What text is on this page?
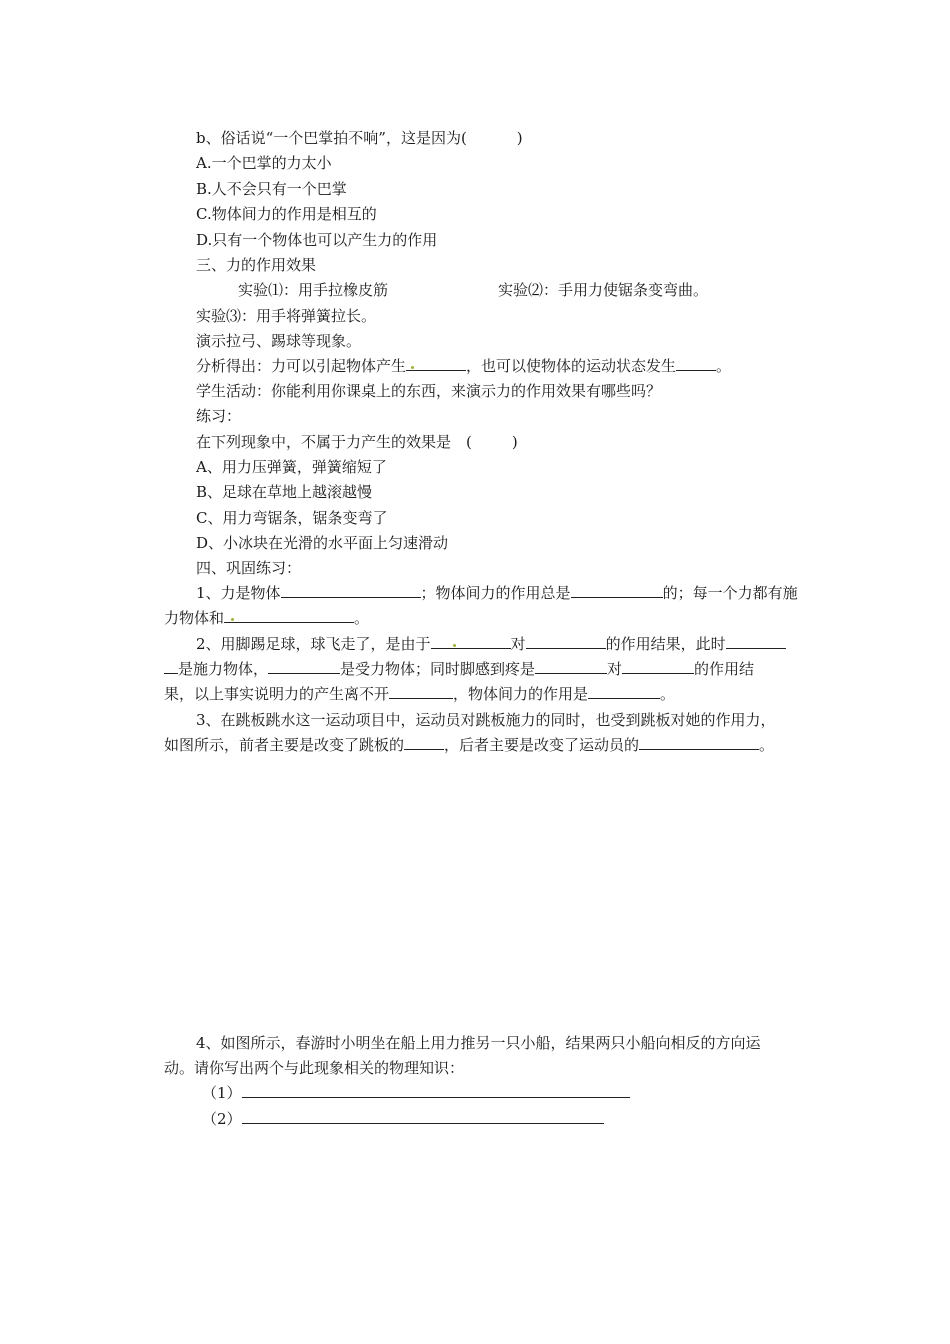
b、俗话说“一个巴掌拍不响”，这是因为(	)
A.一个巴掌的力太小
B.人不会只有一个巴掌
C.物体间力的作用是相互的
D.只有一个物体也可以产生力的作用
三、力的作用效果
实验⑴：用手拉橡皮筋	实验⑵：手用力使锯条变弯曲。
实验⑶：用手将弹簧拉长。
演示拉弓、踢球等现象。
分析得出：力可以引起物体产生	，也可以使物体的运动状态发生	。
学生活动：你能利用你课桌上的东西，来演示力的作用效果有哪些吗？
练习：
在下列现象中，不属于力产生的效果是　(	)
A、用力压弹簧，弹簧缩短了
B、足球在草地上越滚越慢
C、用力弯锯条，锯条变弯了
D、小冰块在光滑的水平面上匀速滑动
四、巩固练习：
1、力是物体	；物体间力的作用总是	的；每一个力都有施
力物体和	。
2、用脚踢足球，球飞走了，是由于	对	的作用结果，此时
是施力物体，	是受力物体；同时脚感到疼是	对	的作用结
果，以上事实说明力的产生离不开	，物体间力的作用是	。
3、在跳板跳水这一运动项目中，运动员对跳板施力的同时，也受到跳板对她的作用力，
如图所示，前者主要是改变了跳板的	，后者主要是改变了运动员的	。
4、如图所示，春游时小明坐在船上用力推另一只小船，结果两只小船向相反的方向运
动。请你写出两个与此现象相关的物理知识：
（1）
（2）
